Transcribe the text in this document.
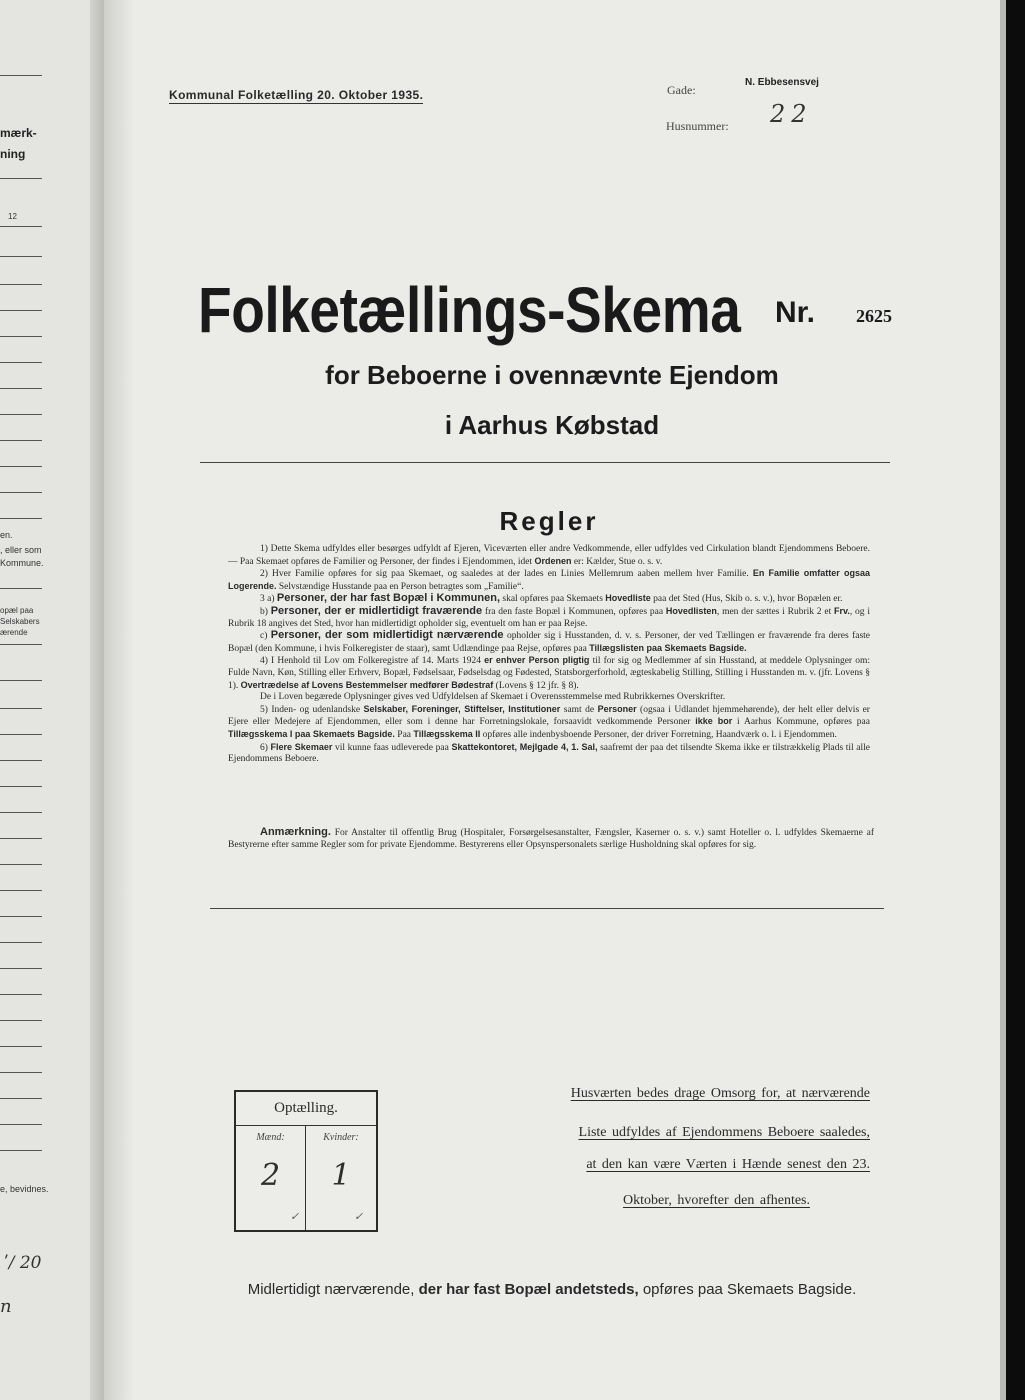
mærk-
ning
12
en.
, eller som
Kommune.
opæl paa
Selskabers
ærende
e, bevidnes.
ʹ/ 20
n
Kommunal Folketælling 20. Oktober 1935.	Gade:
N. Ebbesensvej
Husnummer: 22
Folketællings-Skema Nr. 2625
for Beboerne i ovennævnte Ejendom
i Aarhus Købstad
Regler

1) Dette Skema udfyldes eller besørges udfyldt af Ejeren, Viceværten eller andre Vedkommende, eller udfyldes ved Cirkulation blandt Ejendommens Beboere. — Paa Skemaet opføres de Familier og Personer, der findes i Ejendommen, idet Ordenen er: Kælder, Stue o. s. v.

2) Hver Familie opføres for sig paa Skemaet, og saaledes at der lades en Linies Mellemrum aaben mellem hver Familie. En Familie omfatter ogsaa Logerende. Selvstændige Husstande paa en Person betragtes som „Familie“.

3 a) Personer, der har fast Bopæl i Kommunen, skal opføres paa Skemaets Hovedliste paa det Sted (Hus, Skib o. s. v.), hvor Bopælen er.

b) Personer, der er midlertidigt fraværende fra den faste Bopæl i Kommunen, opføres paa Hovedlisten, men der sættes i Rubrik 2 et Frv., og i Rubrik 18 angives det Sted, hvor han midlertidigt opholder sig, eventuelt om han er paa Rejse.

c) Personer, der som midlertidigt nærværende opholder sig i Husstanden, d. v. s. Personer, der ved Tællingen er fraværende fra deres faste Bopæl (den Kommune, i hvis Folkeregister de staar), samt Udlændinge paa Rejse, opføres paa Tillægslisten paa Skemaets Bagside.

4) I Henhold til Lov om Folkeregistre af 14. Marts 1924 er enhver Person pligtig til for sig og Medlemmer af sin Husstand, at meddele Oplysninger om: Fulde Navn, Køn, Stilling eller Erhverv, Bopæl, Fødselsaar, Fødselsdag og Fødested, Statsborgerforhold, ægteskabelig Stilling, Stilling i Husstanden m. v. (jfr. Lovens § 1). Overtrædelse af Lovens Bestemmelser medfører Bødestraf (Lovens § 12 jfr. § 8).

De i Loven begærede Oplysninger gives ved Udfyldelsen af Skemaet i Overensstemmelse med Rubrikkernes Overskrifter.

5) Inden- og udenlandske Selskaber, Foreninger, Stiftelser, Institutioner samt de Personer (ogsaa i Udlandet hjemmehørende), der helt eller delvis er Ejere eller Medejere af Ejendommen, eller som i denne har Forretningslokale, forsaavidt vedkommende Personer ikke bor i Aarhus Kommune, opføres paa Tillægsskema I paa Skemaets Bagside. Paa Tillægsskema II opføres alle indenbysboende Personer, der driver Forretning, Haandværk o. l. i Ejendommen.

6) Flere Skemaer vil kunne faas udleverede paa Skattekontoret, Mejlgade 4, 1. Sal, saafremt der paa det tilsendte Skema ikke er tilstrækkelig Plads til alle Ejendommens Beboere.

Anmærkning. For Anstalter til offentlig Brug (Hospitaler, Forsørgelsesanstalter, Fængsler, Kaserner o. s. v.) samt Hoteller o. l. udfyldes Skemaerne af Bestyrerne efter samme Regler som for private Ejendomme. Bestyrerens eller Opsynspersonalets særlige Husholdning skal opføres for sig.
Optælling.
Mænd:	Kvinder:
2	1
✓	✓
Husværten bedes drage Omsorg for, at nærværende
Liste udfyldes af Ejendommens Beboere saaledes,
at den kan være Værten i Hænde senest den 23.
Oktober, hvorefter den afhentes.
Midlertidigt nærværende, der har fast Bopæl andetsteds, opføres paa Skemaets Bagside.
